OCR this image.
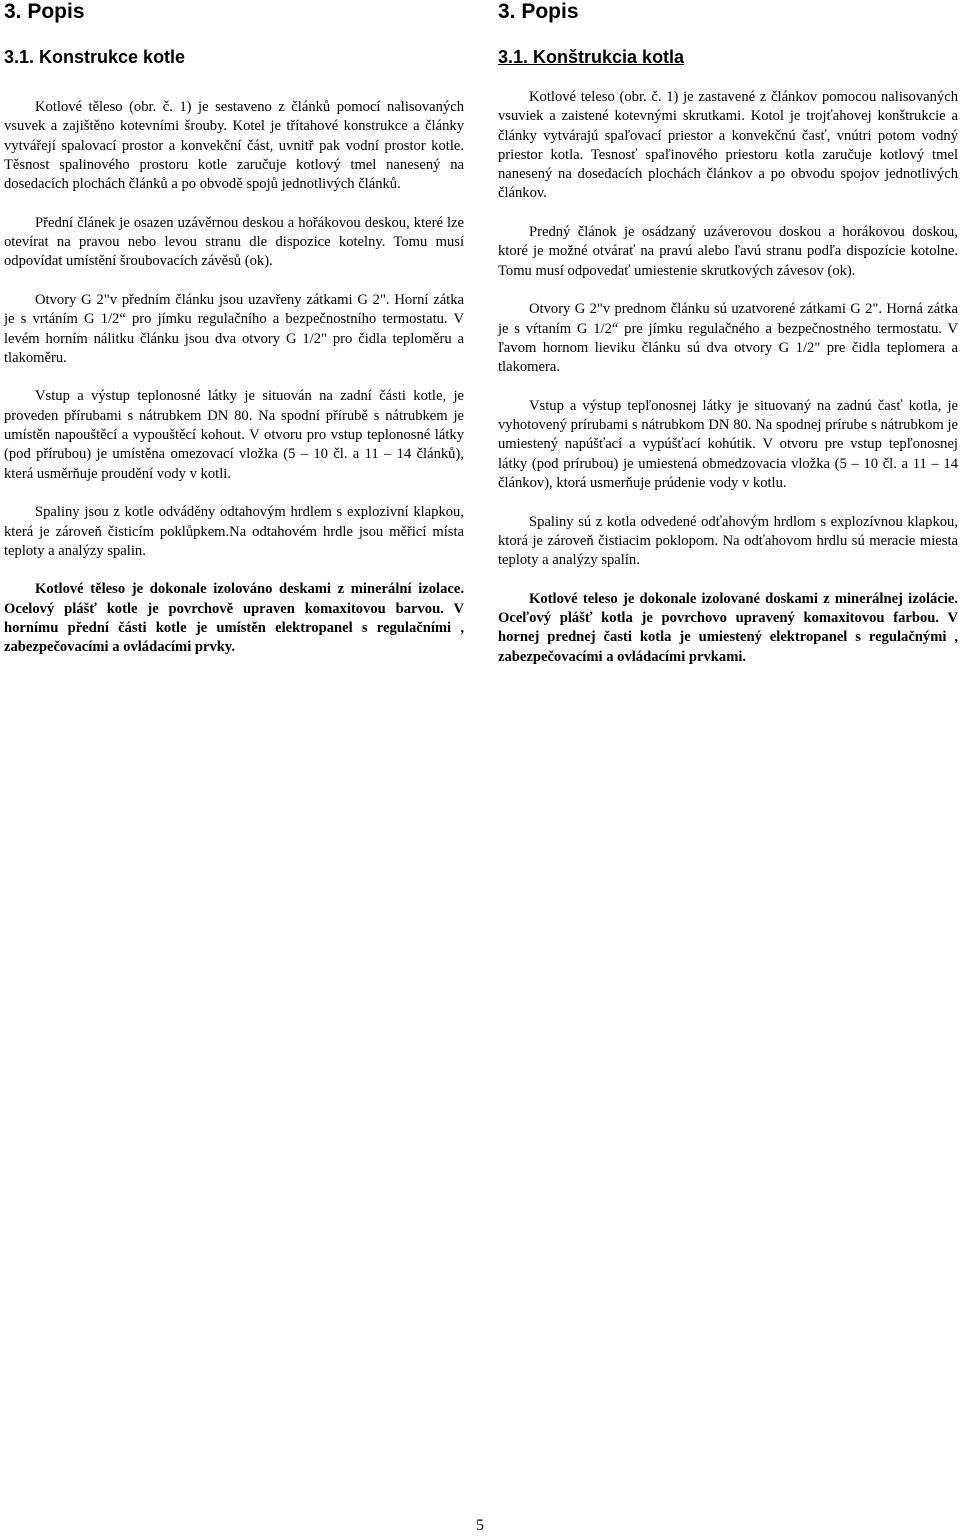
3. Popis
3.1. Konstrukce kotle

Kotlové těleso (obr. č. 1) je sestaveno z článků pomocí nalisovaných vsuvek a zajištěno kotevními šrouby. Kotel je třítahové konstrukce a články vytvářejí spalovací prostor a konvekční část, uvnitř pak vodní prostor kotle. Těsnost spalinového prostoru kotle zaručuje kotlový tmel nanesený na dosedacích plochách článků a po obvodě spojů jednotlivých článků.

Přední článek je osazen uzávěrnou deskou a hořákovou deskou, které lze otevírat na pravou nebo levou stranu dle dispozice kotelny. Tomu musí odpovídat umístění šroubovacích závěsů (ok).

Otvory G 2"v předním článku jsou uzavřeny zátkami G 2". Horní zátka je s vrtáním G 1/2“ pro jímku regulačního a bezpečnostního termostatu. V levém horním nálitku článku jsou dva otvory G 1/2" pro čidla teploměru a tlakoměru.

Vstup a výstup teplonosné látky je situován na zadní části kotle, je proveden přírubami s nátrubkem DN 80. Na spodní přírubě s nátrubkem je umístěn napouštěcí a vypouštěcí kohout. V otvoru pro vstup teplonosné látky (pod přírubou) je umístěna omezovací vložka (5 – 10 čl. a 11 – 14 článků), která usměrňuje proudění vody v kotli.

Spaliny jsou z kotle odváděny odtahovým hrdlem s explozivní klapkou, která je zároveň čisticím poklůpkem.Na odtahovém hrdle jsou měřicí místa teploty a analýzy spalin.

Kotlové těleso je dokonale izolováno deskami z minerální izolace. Ocelový plášť kotle je povrchově upraven komaxitovou barvou. V hornímu přední části kotle je umístěn elektropanel s regulačními , zabezpečovacími a ovládacími prvky.

3. Popis
3.1. Konštrukcia kotla

Kotlové teleso (obr. č. 1) je zastavené z článkov pomocou nalisovaných vsuviek a zaistené kotevnými skrutkami. Kotol je trojťahovej konštrukcie a články vytvárajú spaľovací priestor a konvekčnú časť, vnútri potom vodný priestor kotla. Tesnosť spaľinového priestoru kotla zaručuje kotlový tmel nanesený na dosedacích plochách článkov a po obvodu spojov jednotlivých článkov.

Predný článok je osádzaný uzáverovou doskou a horákovou doskou, ktoré je možné otvárať na pravú alebo ľavú stranu podľa dispozície kotolne. Tomu musí odpovedať umiestenie skrutkových závesov (ok).

Otvory G 2"v prednom článku sú uzatvorené zátkami G 2". Horná zátka je s vŕtaním G 1/2“ pre jímku regulačného a bezpečnostného termostatu. V ľavom hornom lieviku článku sú dva otvory G 1/2" pre čidla teplomera a tlakomera.

Vstup a výstup tepľonosnej látky je situovaný na zadnú časť kotla, je vyhotovený prírubami s nátrubkom DN 80. Na spodnej prírube s nátrubkom je umiestený napúšťací a vypúšťací kohútik. V otvoru pre vstup tepľonosnej látky (pod prírubou) je umiestená obmedzovacia vložka (5 – 10 čl. a 11 – 14 článkov), ktorá usmerňuje prúdenie vody v kotlu.

Spaliny sú z kotla odvedené odťahovým hrdlom s explozívnou klapkou, ktorá je zároveň čistiacim poklopom. Na odťahovom hrdlu sú meracie miesta teploty a analýzy spalín.

Kotlové teleso je dokonale izolované doskami z minerálnej izolácie. Oceľový plášť kotla je povrchovo upravený komaxitovou farbou. V hornej prednej časti kotla je umiestený elektropanel s regulačnými , zabezpečovacími a ovládacími prvkami.

5
